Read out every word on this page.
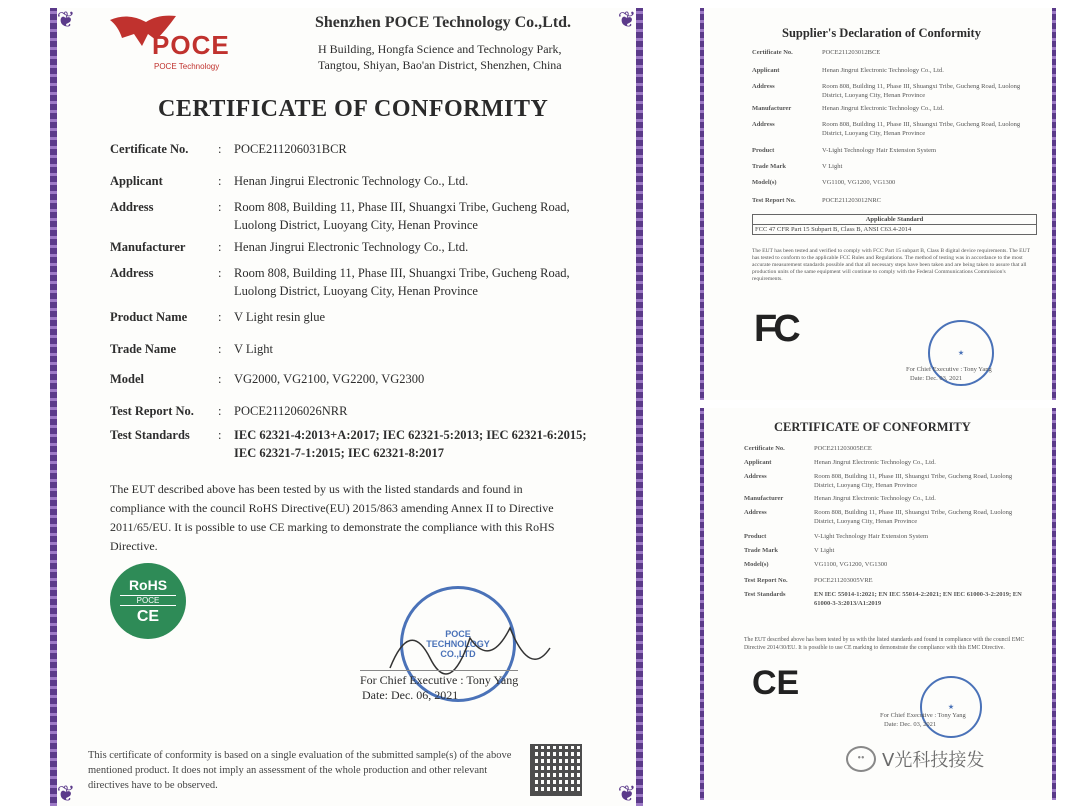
❦	❦
❦	❦
POCE
POCE Technology
Shenzhen POCE Technology Co.,Ltd.
H Building, Hongfa Science and Technology Park,
Tangtou, Shiyan, Bao'an District, Shenzhen, China
CERTIFICATE OF CONFORMITY
Certificate No.	: POCE211206031BCR
Applicant	: Henan Jingrui Electronic Technology Co., Ltd.
Address	: Room 808, Building 11, Phase III, Shuangxi Tribe, Gucheng Road, Luolong District, Luoyang City, Henan Province
Manufacturer	: Henan Jingrui Electronic Technology Co., Ltd.
Address	: Room 808, Building 11, Phase III, Shuangxi Tribe, Gucheng Road, Luolong District, Luoyang City, Henan Province
Product Name	: V Light resin glue
Trade Name	: V Light
Model	: VG2000, VG2100, VG2200, VG2300
Test Report No.	: POCE211206026NRR
Test Standards	: IEC 62321-4:2013+A:2017; IEC 62321-5:2013; IEC 62321-6:2015; IEC 62321-7-1:2015; IEC 62321-8:2017
The EUT described above has been tested by us with the listed standards and found in compliance with the council RoHS Directive(EU) 2015/863 amending Annex II to Directive 2011/65/EU. It is possible to use CE marking to demonstrate the compliance with this RoHS Directive.
RoHS
POCE
CE
POCE TECHNOLOGY CO.,LTD
For Chief Executive : Tony Yang
Date: Dec. 06, 2021
This certificate of conformity is based on a single evaluation of the submitted sample(s) of the above mentioned product. It does not imply an assessment of the whole production and other relevant directives have to be observed.
Supplier's Declaration of Conformity
Certificate No.	POCE211203012BCE
Applicant	Henan Jingrui Electronic Technology Co., Ltd.
Address	Room 808, Building 11, Phase III, Shuangxi Tribe, Gucheng Road, Luolong District, Luoyang City, Henan Province
Manufacturer	Henan Jingrui Electronic Technology Co., Ltd.
Address	Room 808, Building 11, Phase III, Shuangxi Tribe, Gucheng Road, Luolong District, Luoyang City, Henan Province
Product	V-Light Technology Hair Extension System
Trade Mark	V Light
Model(s)	VG1100, VG1200, VG1300
Test Report No.	POCE211203012NRC
Applicable Standard
FCC 47 CFR Part 15 Subpart B, Class B, ANSI C63.4-2014
The EUT has been tested and verified to comply with FCC Part 15 subpart B, Class B digital device requirements. The EUT has tested to conform to the applicable FCC Rules and Regulations. The method of testing was in accordance to the most accurate measurement standards possible and that all necessary steps have been taken and are being taken to assure that all production units of the same equipment will continue to comply with the Federal Communications Commission's requirements.
FC
★
For Chief Executive : Tony Yang
Date: Dec. 03, 2021
CERTIFICATE OF CONFORMITY
Certificate No.	POCE211203005ECE
Applicant	Henan Jingrui Electronic Technology Co., Ltd.
Address	Room 808, Building 11, Phase III, Shuangxi Tribe, Gucheng Road, Luolong District, Luoyang City, Henan Province
Manufacturer	Henan Jingrui Electronic Technology Co., Ltd.
Address	Room 808, Building 11, Phase III, Shuangxi Tribe, Gucheng Road, Luolong District, Luoyang City, Henan Province
Product	V-Light Technology Hair Extension System
Trade Mark	V Light
Model(s)	VG1100, VG1200, VG1300
Test Report No.	POCE211203005VRE
Test Standards	EN IEC 55014-1:2021; EN IEC 55014-2:2021; EN IEC 61000-3-2:2019; EN 61000-3-3:2013/A1:2019
The EUT described above has been tested by us with the listed standards and found in compliance with the council EMC Directive 2014/30/EU. It is possible to use CE marking to demonstrate the compliance with this EMC Directive.
CE
★
For Chief Executive : Tony Yang
Date: Dec. 03, 2021
•• V光科技接发
